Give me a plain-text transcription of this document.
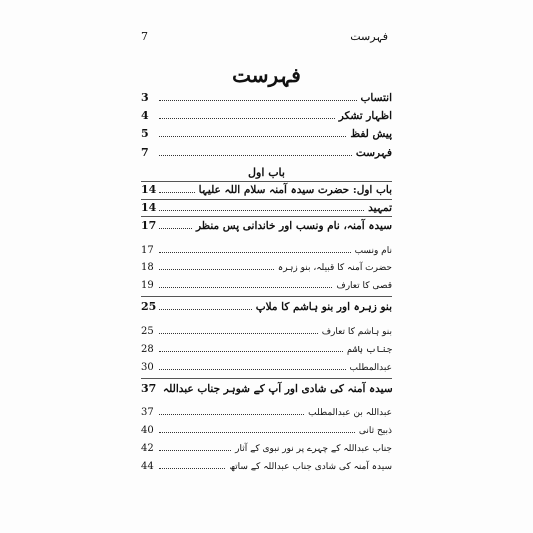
7	فہرست
فہرست
3	انتساب
4	اظہار تشکر
5	پیش لفظ
7	فہرست
باب اول
14	باب اول: حضرت سیدہ آمنہ سلام اللہ علیہا
14	تمہید
17	سیدہ آمنہ، نام ونسب اور خاندانی پس منظر
17	نام ونسب
18	حضرت آمنہ کا قبیلہ، بنو زہرہ
19	قصی کا تعارف
25	بنو زہرہ اور بنو ہاشم کا ملاپ
25	بنو ہاشم کا تعارف
28	جناب ہاشم
30	عبدالمطلب
37 سیدہ آمنہ کی شادی اور آپ کے شوہر جناب عبداللہ
37	عبداللہ بن عبدالمطلب
40	ذبیح ثانی
42	جناب عبداللہ کے چہرے پر نور نبوی کے آثار
44	سیدہ آمنہ کی شادی جناب عبداللہ کے ساتھ
